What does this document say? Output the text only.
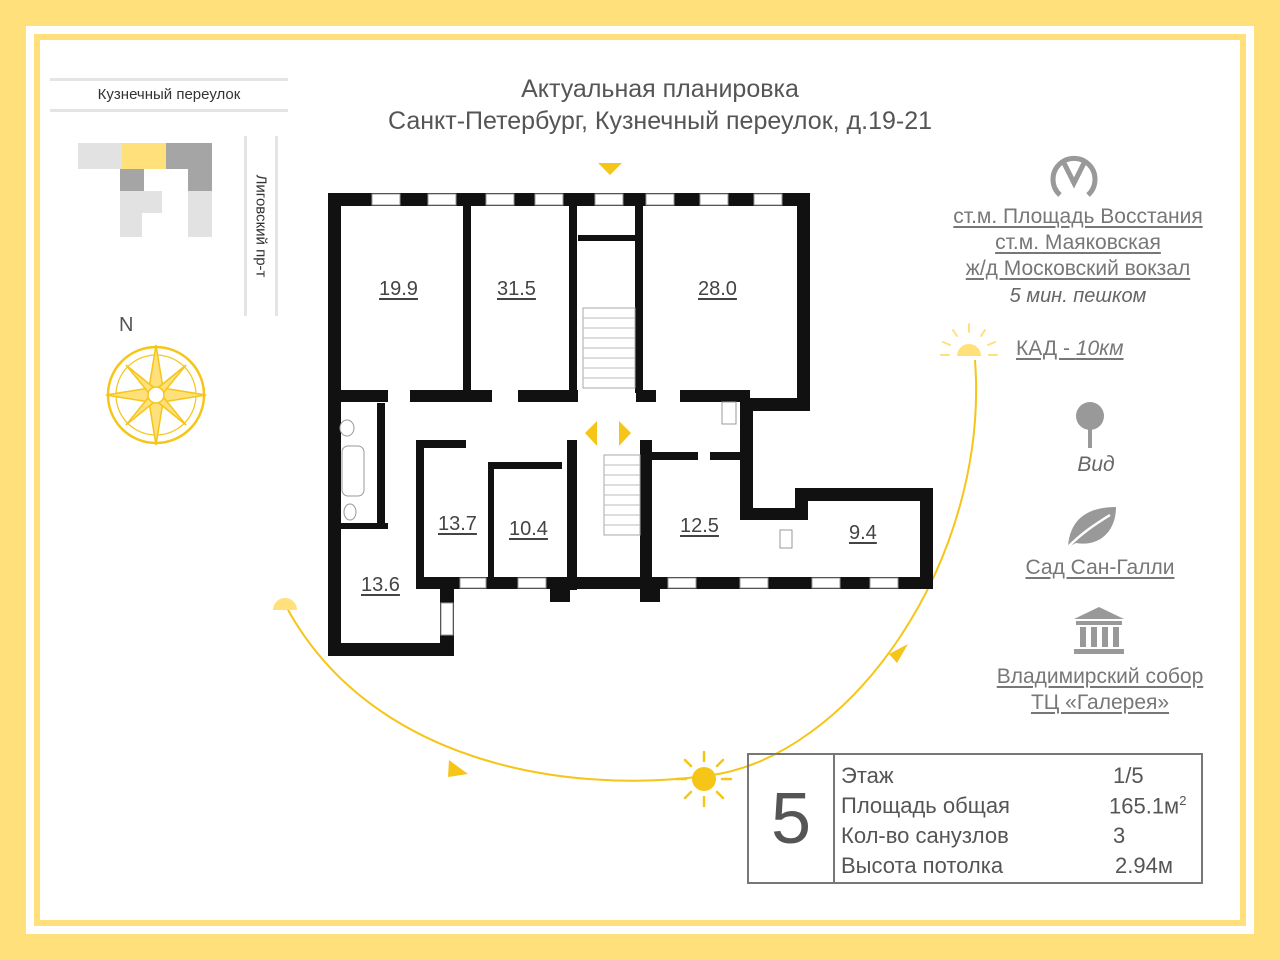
Актуальная планировка
Санкт-Петербург, Кузнечный переулок, д.19-21
Кузнечный переулок
Лиговский пр-т
N
19.9	31.5	28.0
13.7 10.4	12.5	9.4
13.6
ст.м. Площадь Восстания
ст.м. Маяковская
ж/д Московский вокзал
5 мин. пешком
КАД - 10км
Вид
Сад Сан-Галли
Владимирский собор
ТЦ «Галерея»
5
Этаж	1/5
Площадь общая	$165.1м^2$
Кол-во санузлов	3
Высота потолка	2.94м
